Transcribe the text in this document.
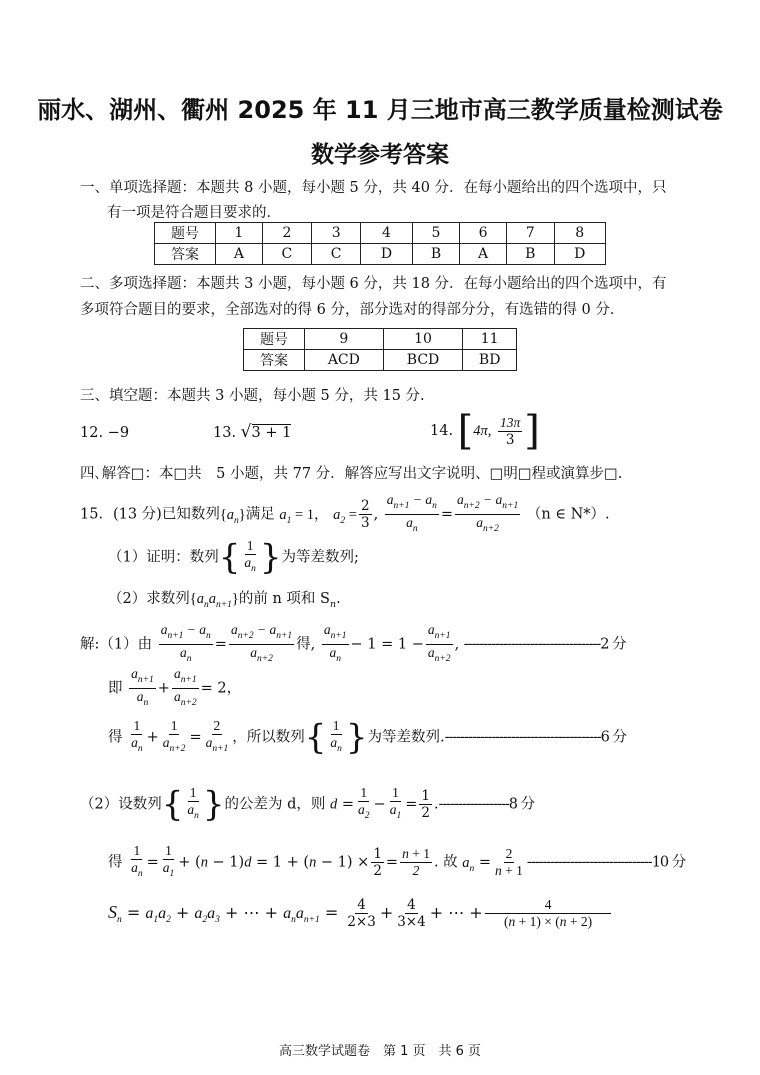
丽水、湖州、衢州 2025 年 11 月三地市高三教学质量检测试卷
数学参考答案
一、单项选择题：本题共 8 小题，每小题 5 分，共 40 分．在每小题给出的四个选项中，只
有一项是符合题目要求的．
题号	1	2	3	4	5	6	7	8
答案	A	C	C	D	B	A	B	D
二、多项选择题：本题共 3 小题，每小题 6 分，共 18 分．在每小题给出的四个选项中，有
多项符合题目的要求，全部选对的得 6 分，部分选对的得部分分，有选错的得 0 分．
题号	9	10	11
答案	ACD	BCD	BD
三、填空题：本题共 3 小题，每小题 5 分，共 15 分.
12. −9	13. √3 + 1	14. [4π, $\frac{13\pi}{3}$ ]
四､解答□：本□共　5 小题，共 77 分．解答应写出文字说明、□明□程或演算步□.
15．(13 分)已知数列$\{a_n\}$满足 $a_1 = 1$， $a_2 = \frac{2}{3}$ , $\frac{a_{n+1} - a_n}{a_n} = \frac{a_{n+2} - a_{n+1}}{a_{n+2}} (n$ ∈ N*）.
（1）证明：数列{ $\frac{1}{a_n}$ }为等差数列;
（2）求数列$\{a_na_{n+1}\}$的前 n 项和 $S_n$.
解:（1）由 $\frac{a_{n+1} - a_n}{a_n} = \frac{a_{n+2} - a_{n+1}}{a_{n+2}}$ 得, $\frac{a_{n+1}}{a_n} - 1 = 1 - \frac{a_{n+1}}{a_{n+2}}$ , -----------------------------------2 分
即 $\frac{a_{n+1}}{a_n} + \frac{a_{n+1}}{a_{n+2}} = 2$，
得 $\frac{1}{a_n} + \frac{1}{a_{n+2}} = \frac{2}{a_{n+1}}$ ，所以数列{ $\frac{1}{a_n}$ }为等差数列.----------------------------------------6 分
（2）设数列{ $\frac{1}{a_n}$ }的公差为 d，则 $d = \frac{1}{a_2} - \frac{1}{a_1} = \frac{1}{2} .------------------8$ 分
得 $\frac{1}{a_n} = \frac{1}{a_1} + (n - 1)d = 1 + (n - 1) \times \frac{1}{2} = \frac{n + 1}{2}$ . 故 $a_n = \frac{2}{n + 1} --------------------------------10$ 分
$S_n = a_1a_2 + a_2a_3$ + ⋯ + $a_na_{n+1} = \frac{4}{2\times 3} + \frac{4}{3\times 4}$ + ⋯ + $\frac{4}{(n + 1) \times (n + 2)}$
高三数学试题卷　第 1 页　共 6 页
